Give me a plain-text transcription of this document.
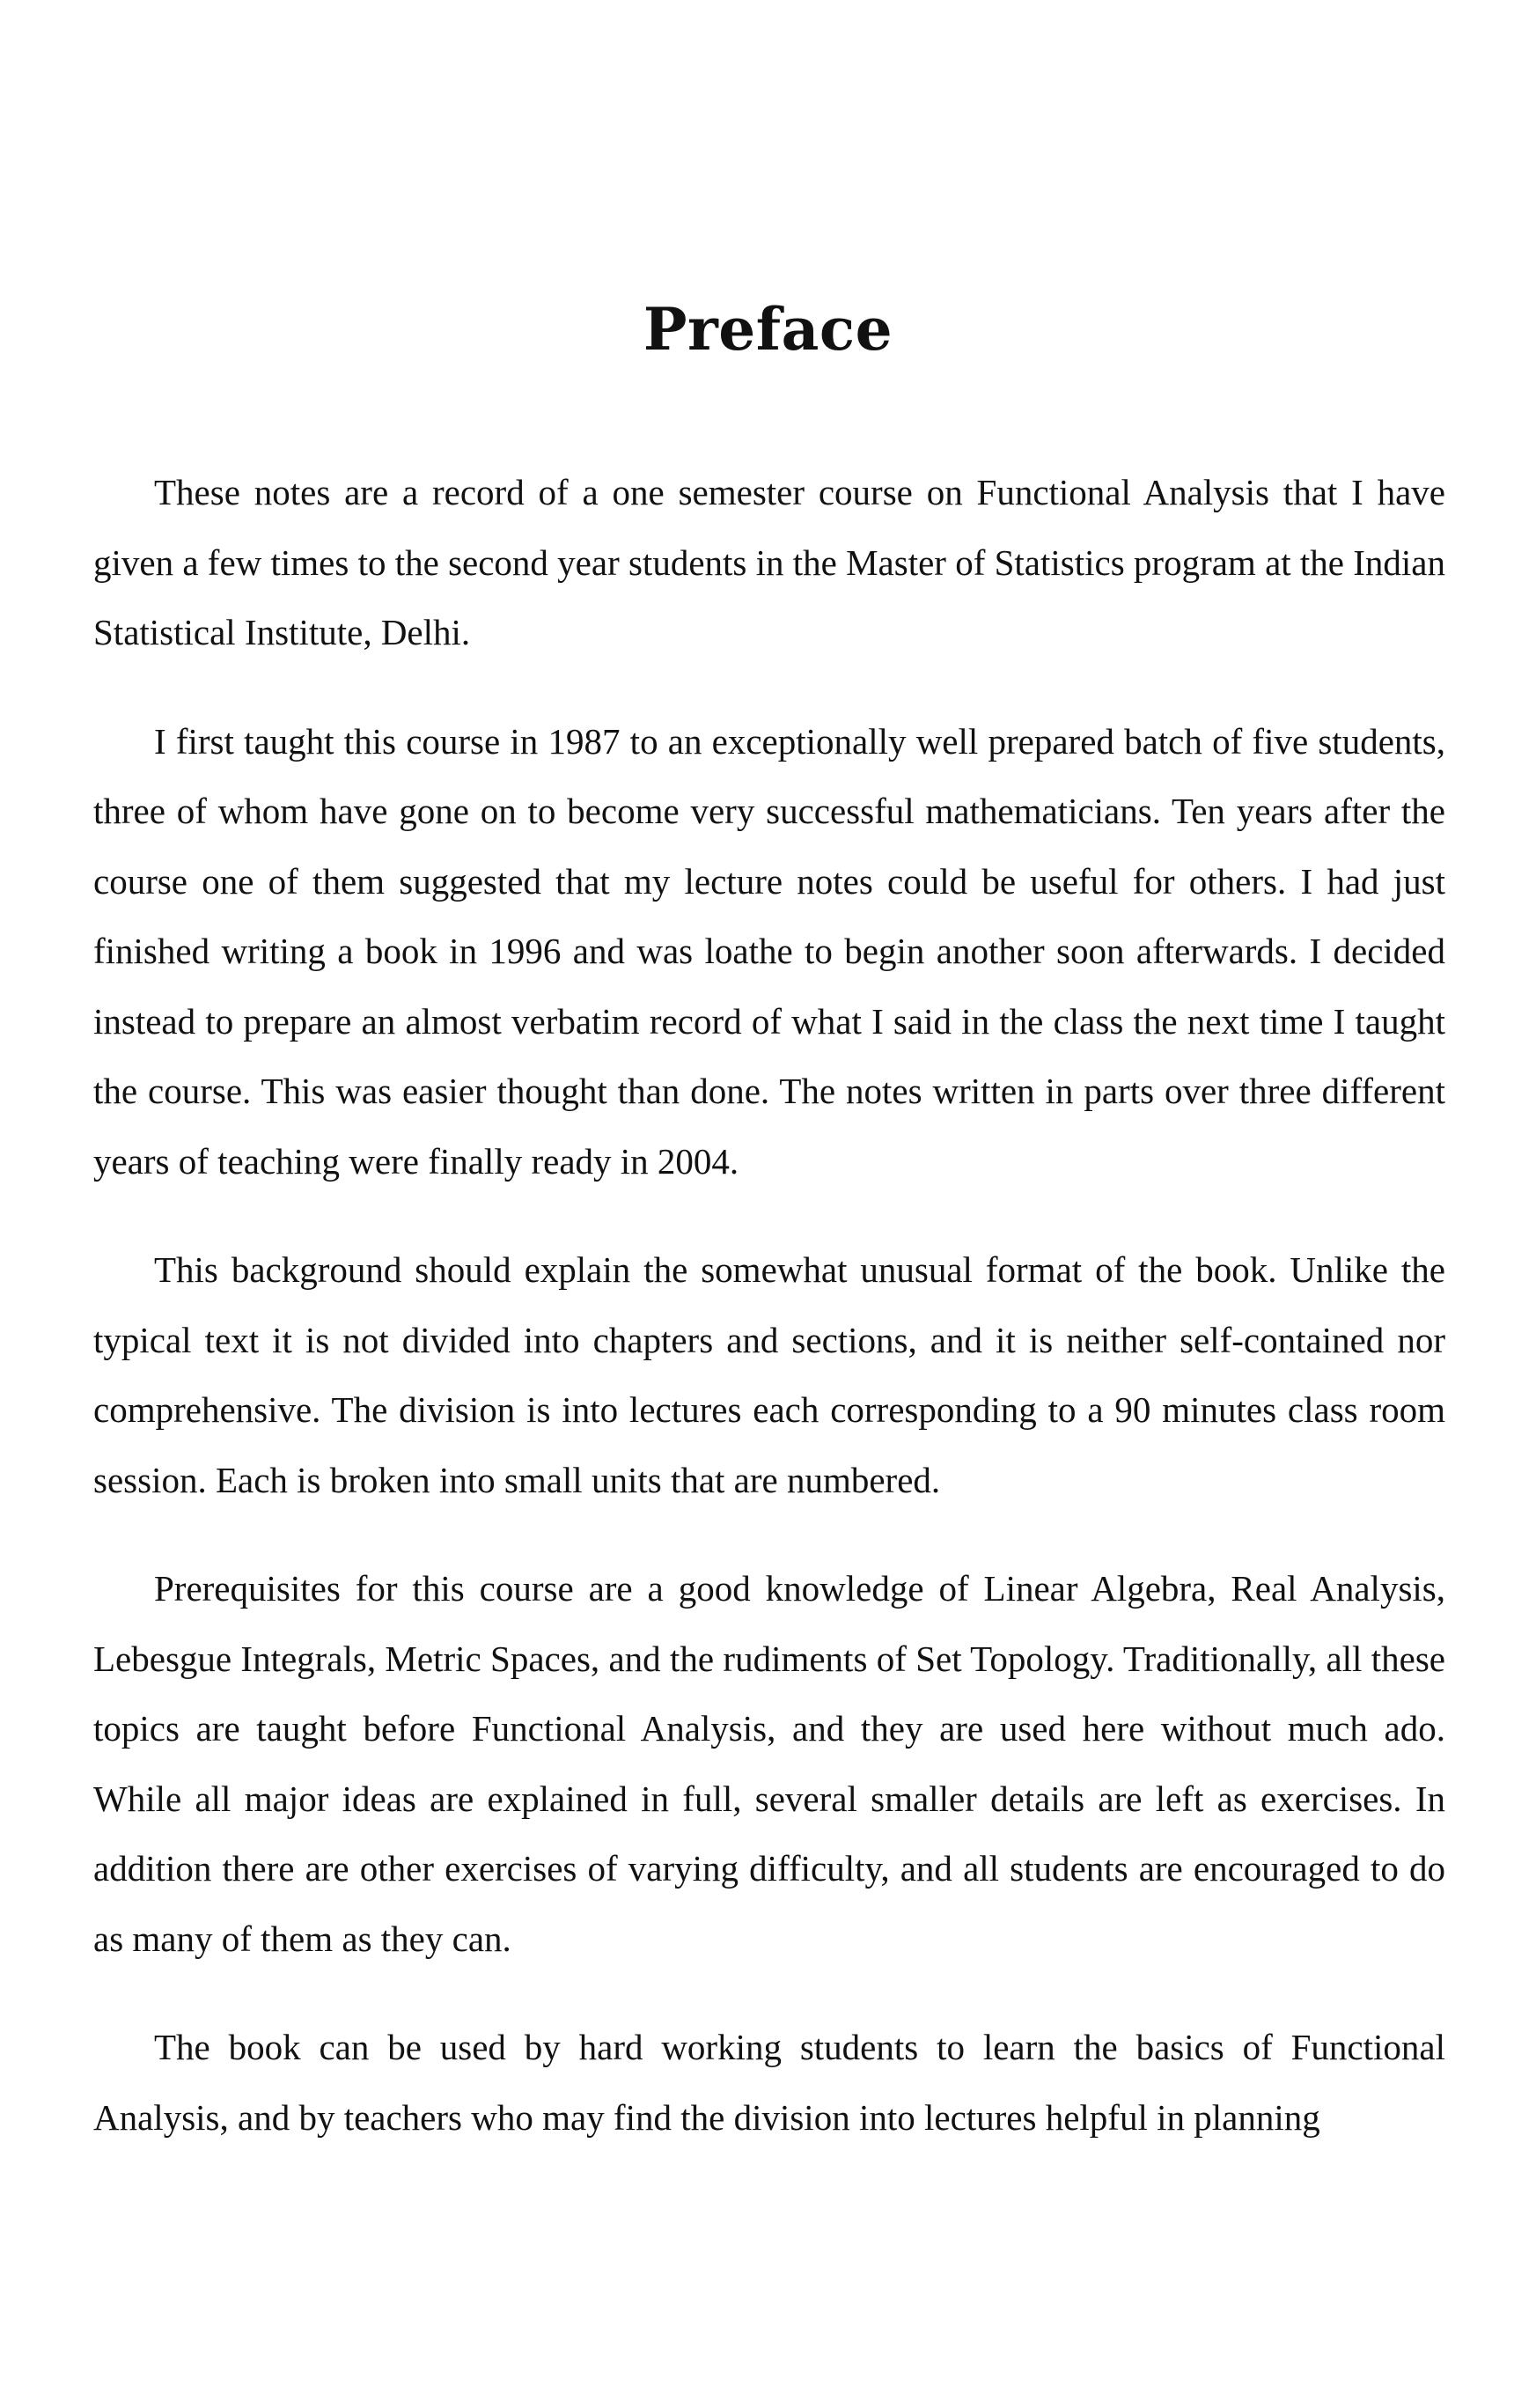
Preface

These notes are a record of a one semester course on Functional Analysis that I have given a few times to the second year students in the Master of Statistics program at the Indian Statistical Institute, Delhi.

I first taught this course in 1987 to an exceptionally well prepared batch of five students, three of whom have gone on to become very successful mathematicians. Ten years after the course one of them suggested that my lecture notes could be useful for others. I had just finished writing a book in 1996 and was loathe to begin another soon afterwards. I decided instead to prepare an almost verbatim record of what I said in the class the next time I taught the course. This was easier thought than done. The notes written in parts over three different years of teaching were finally ready in 2004.

This background should explain the somewhat unusual format of the book. Unlike the typical text it is not divided into chapters and sections, and it is neither self-contained nor comprehensive. The division is into lectures each corresponding to a 90 minutes class room session. Each is broken into small units that are numbered.

Prerequisites for this course are a good knowledge of Linear Algebra, Real Analysis, Lebesgue Integrals, Metric Spaces, and the rudiments of Set Topology. Traditionally, all these topics are taught before Functional Analysis, and they are used here without much ado. While all major ideas are explained in full, several smaller details are left as exercises. In addition there are other exercises of varying difficulty, and all students are encouraged to do as many of them as they can.

The book can be used by hard working students to learn the basics of Functional Analysis, and by teachers who may find the division into lectures helpful in planning
